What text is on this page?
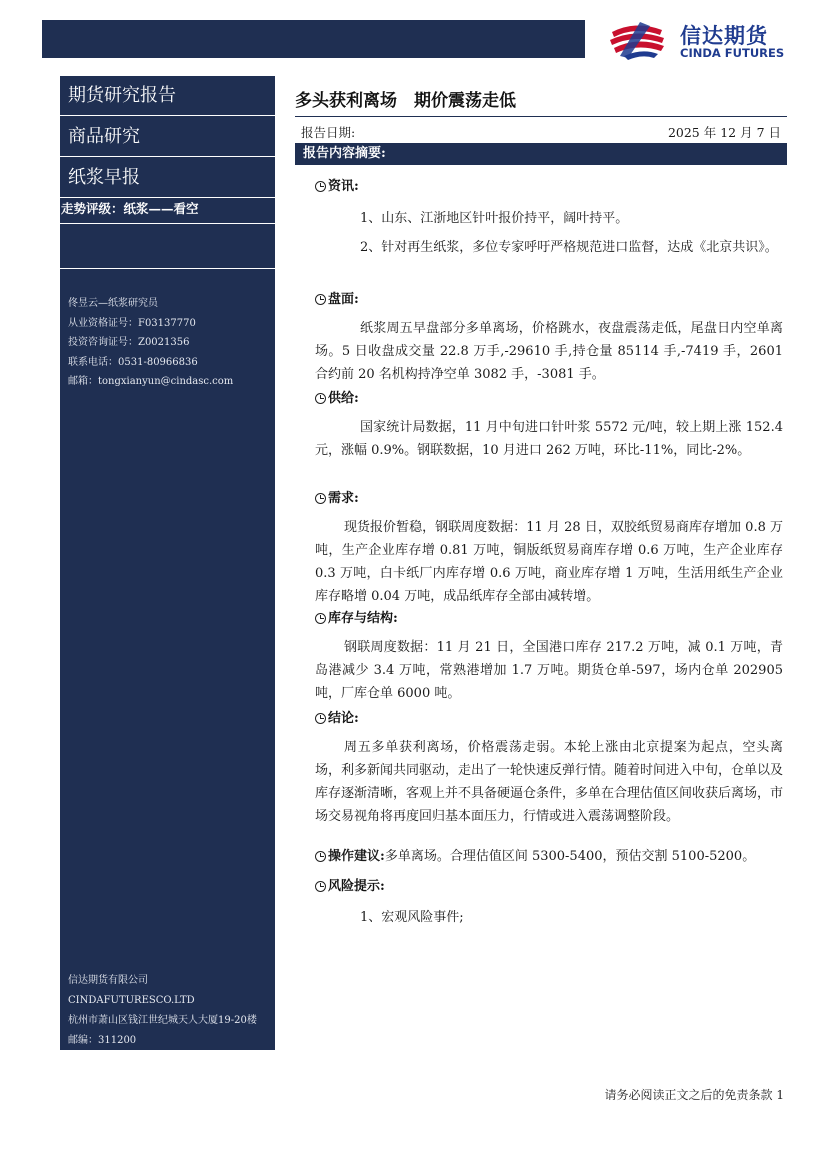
信达期货
CINDA FUTURES
期货研究报告
商品研究
纸浆早报
走势评级：纸浆——看空
佟昱云—纸浆研究员
从业资格证号：F03137770
投资咨询证号：Z0021356
联系电话：0531-80966836
邮箱：tongxianyun@cindasc.com
信达期货有限公司
CINDAFUTURESCO.LTD
杭州市萧山区钱江世纪城天人大厦19-20楼
邮编：311200
多头获利离场　期价震荡走低
报告日期:	2025 年 12 月 7 日
报告内容摘要:
资讯:
1、山东、江浙地区针叶报价持平，阔叶持平。
2、针对再生纸浆，多位专家呼吁严格规范进口监督，达成《北京共识》。
盘面:
纸浆周五早盘部分多单离场，价格跳水，夜盘震荡走低，尾盘日内空单离场。5 日收盘成交量 22.8 万手,-29610 手,持仓量 85114 手,-7419 手，2601 合约前 20 名机构持净空单 3082 手，-3081 手。
供给:
国家统计局数据，11 月中旬进口针叶浆 5572 元/吨，较上期上涨 152.4 元，涨幅 0.9%。钢联数据，10 月进口 262 万吨，环比-11%，同比-2%。
需求:
现货报价暂稳，钢联周度数据：11 月 28 日，双胶纸贸易商库存增加 0.8 万吨，生产企业库存增 0.81 万吨，铜版纸贸易商库存增 0.6 万吨，生产企业库存 0.3 万吨，白卡纸厂内库存增 0.6 万吨，商业库存增 1 万吨，生活用纸生产企业库存略增 0.04 万吨，成品纸库存全部由减转增。
库存与结构:
钢联周度数据：11 月 21 日，全国港口库存 217.2 万吨，减 0.1 万吨，青岛港减少 3.4 万吨，常熟港增加 1.7 万吨。期货仓单-597，场内仓单 202905 吨，厂库仓单 6000 吨。
结论:
周五多单获利离场，价格震荡走弱。本轮上涨由北京提案为起点，空头离场，利多新闻共同驱动，走出了一轮快速反弹行情。随着时间进入中旬，仓单以及库存逐渐清晰，客观上并不具备硬逼仓条件，多单在合理估值区间收获后离场，市场交易视角将再度回归基本面压力，行情或进入震荡调整阶段。
操作建议:多单离场。合理估值区间 5300-5400，预估交割 5100-5200。
风险提示:
1、宏观风险事件;
请务必阅读正文之后的免责条款 1
